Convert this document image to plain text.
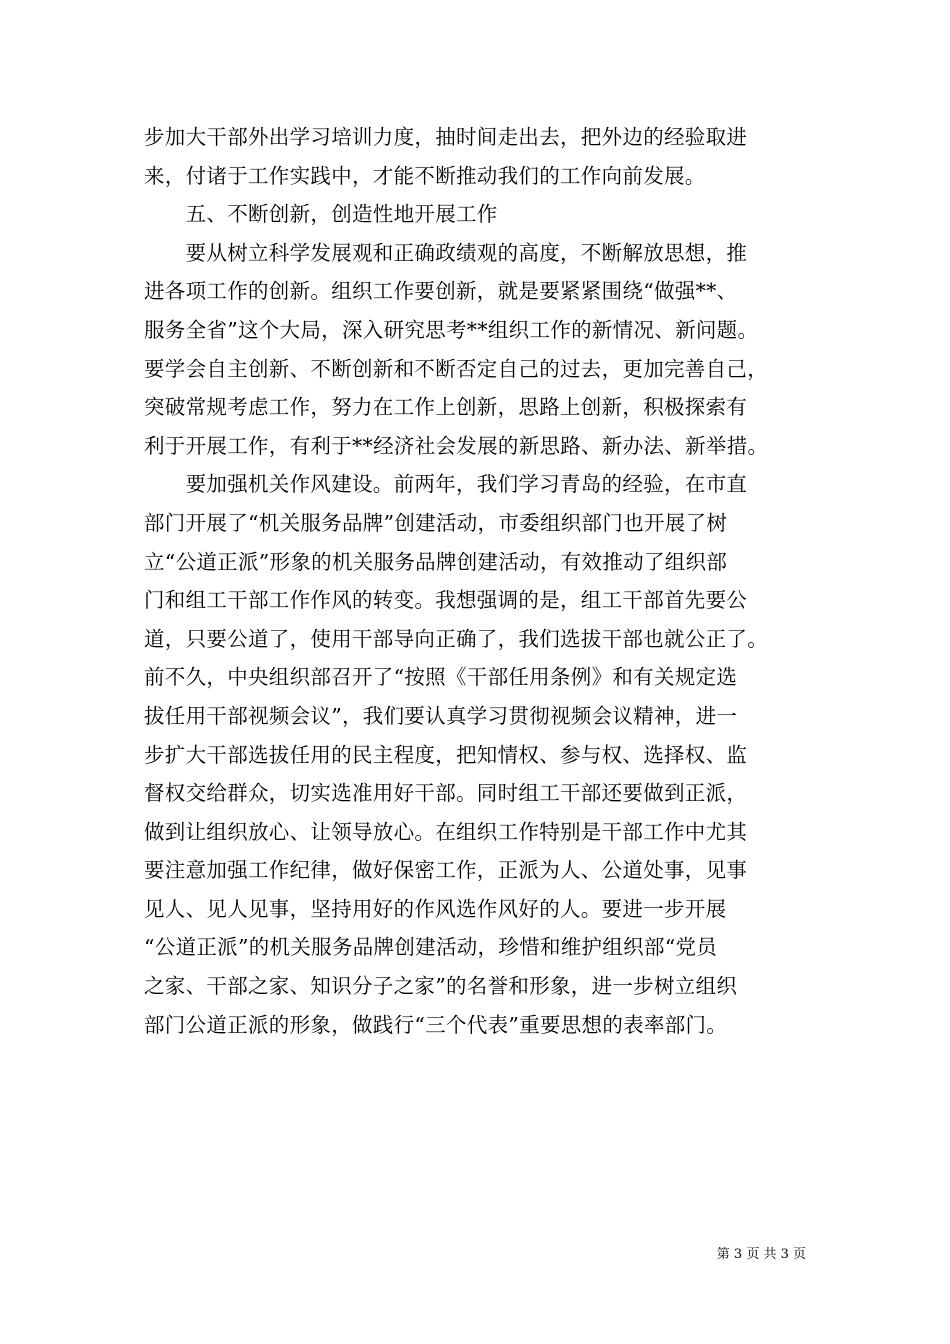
步加大干部外出学习培训力度，抽时间走出去，把外边的经验取进
来，付诸于工作实践中，才能不断推动我们的工作向前发展。
　　五、不断创新，创造性地开展工作
　　要从树立科学发展观和正确政绩观的高度，不断解放思想，推
进各项工作的创新。组织工作要创新，就是要紧紧围绕“做强**、
服务全省”这个大局，深入研究思考**组织工作的新情况、新问题。
要学会自主创新、不断创新和不断否定自己的过去，更加完善自己，
突破常规考虑工作，努力在工作上创新，思路上创新，积极探索有
利于开展工作，有利于**经济社会发展的新思路、新办法、新举措。
　　要加强机关作风建设。前两年，我们学习青岛的经验，在市直
部门开展了“机关服务品牌”创建活动，市委组织部门也开展了树
立“公道正派”形象的机关服务品牌创建活动，有效推动了组织部
门和组工干部工作作风的转变。我想强调的是，组工干部首先要公
道，只要公道了，使用干部导向正确了，我们选拔干部也就公正了。
前不久，中央组织部召开了“按照《干部任用条例》和有关规定选
拔任用干部视频会议”，我们要认真学习贯彻视频会议精神，进一
步扩大干部选拔任用的民主程度，把知情权、参与权、选择权、监
督权交给群众，切实选准用好干部。同时组工干部还要做到正派，
做到让组织放心、让领导放心。在组织工作特别是干部工作中尤其
要注意加强工作纪律，做好保密工作，正派为人、公道处事，见事
见人、见人见事，坚持用好的作风选作风好的人。要进一步开展
“公道正派”的机关服务品牌创建活动，珍惜和维护组织部“党员
之家、干部之家、知识分子之家”的名誉和形象，进一步树立组织
部门公道正派的形象，做践行“三个代表”重要思想的表率部门。
第 3 页 共 3 页
